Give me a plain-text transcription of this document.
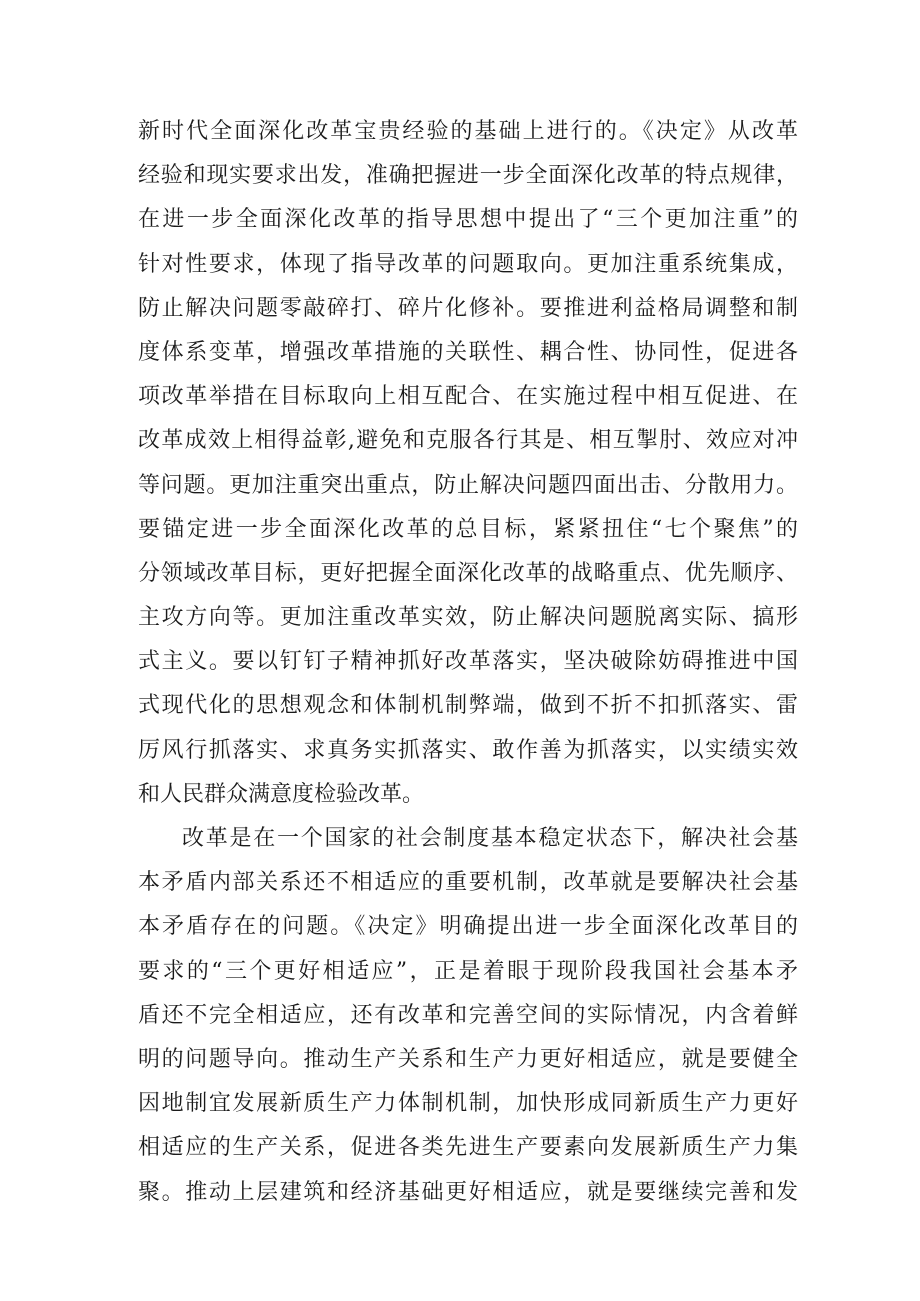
新时代全面深化改革宝贵经验的基础上进行的。《决定》从改革
经验和现实要求出发，准确把握进一步全面深化改革的特点规律，
在进一步全面深化改革的指导思想中提出了“三个更加注重”的
针对性要求，体现了指导改革的问题取向。更加注重系统集成，
防止解决问题零敲碎打、碎片化修补。要推进利益格局调整和制
度体系变革，增强改革措施的关联性、耦合性、协同性，促进各
项改革举措在目标取向上相互配合、在实施过程中相互促进、在
改革成效上相得益彰,避免和克服各行其是、相互掣肘、效应对冲
等问题。更加注重突出重点，防止解决问题四面出击、分散用力。
要锚定进一步全面深化改革的总目标，紧紧扭住“七个聚焦”的
分领域改革目标，更好把握全面深化改革的战略重点、优先顺序、
主攻方向等。更加注重改革实效，防止解决问题脱离实际、搞形
式主义。要以钉钉子精神抓好改革落实，坚决破除妨碍推进中国
式现代化的思想观念和体制机制弊端，做到不折不扣抓落实、雷
厉风行抓落实、求真务实抓落实、敢作善为抓落实，以实绩实效
和人民群众满意度检验改革。
改革是在一个国家的社会制度基本稳定状态下，解决社会基
本矛盾内部关系还不相适应的重要机制，改革就是要解决社会基
本矛盾存在的问题。《决定》明确提出进一步全面深化改革目的
要求的“三个更好相适应”，正是着眼于现阶段我国社会基本矛
盾还不完全相适应，还有改革和完善空间的实际情况，内含着鲜
明的问题导向。推动生产关系和生产力更好相适应，就是要健全
因地制宜发展新质生产力体制机制，加快形成同新质生产力更好
相适应的生产关系，促进各类先进生产要素向发展新质生产力集
聚。推动上层建筑和经济基础更好相适应，就是要继续完善和发
